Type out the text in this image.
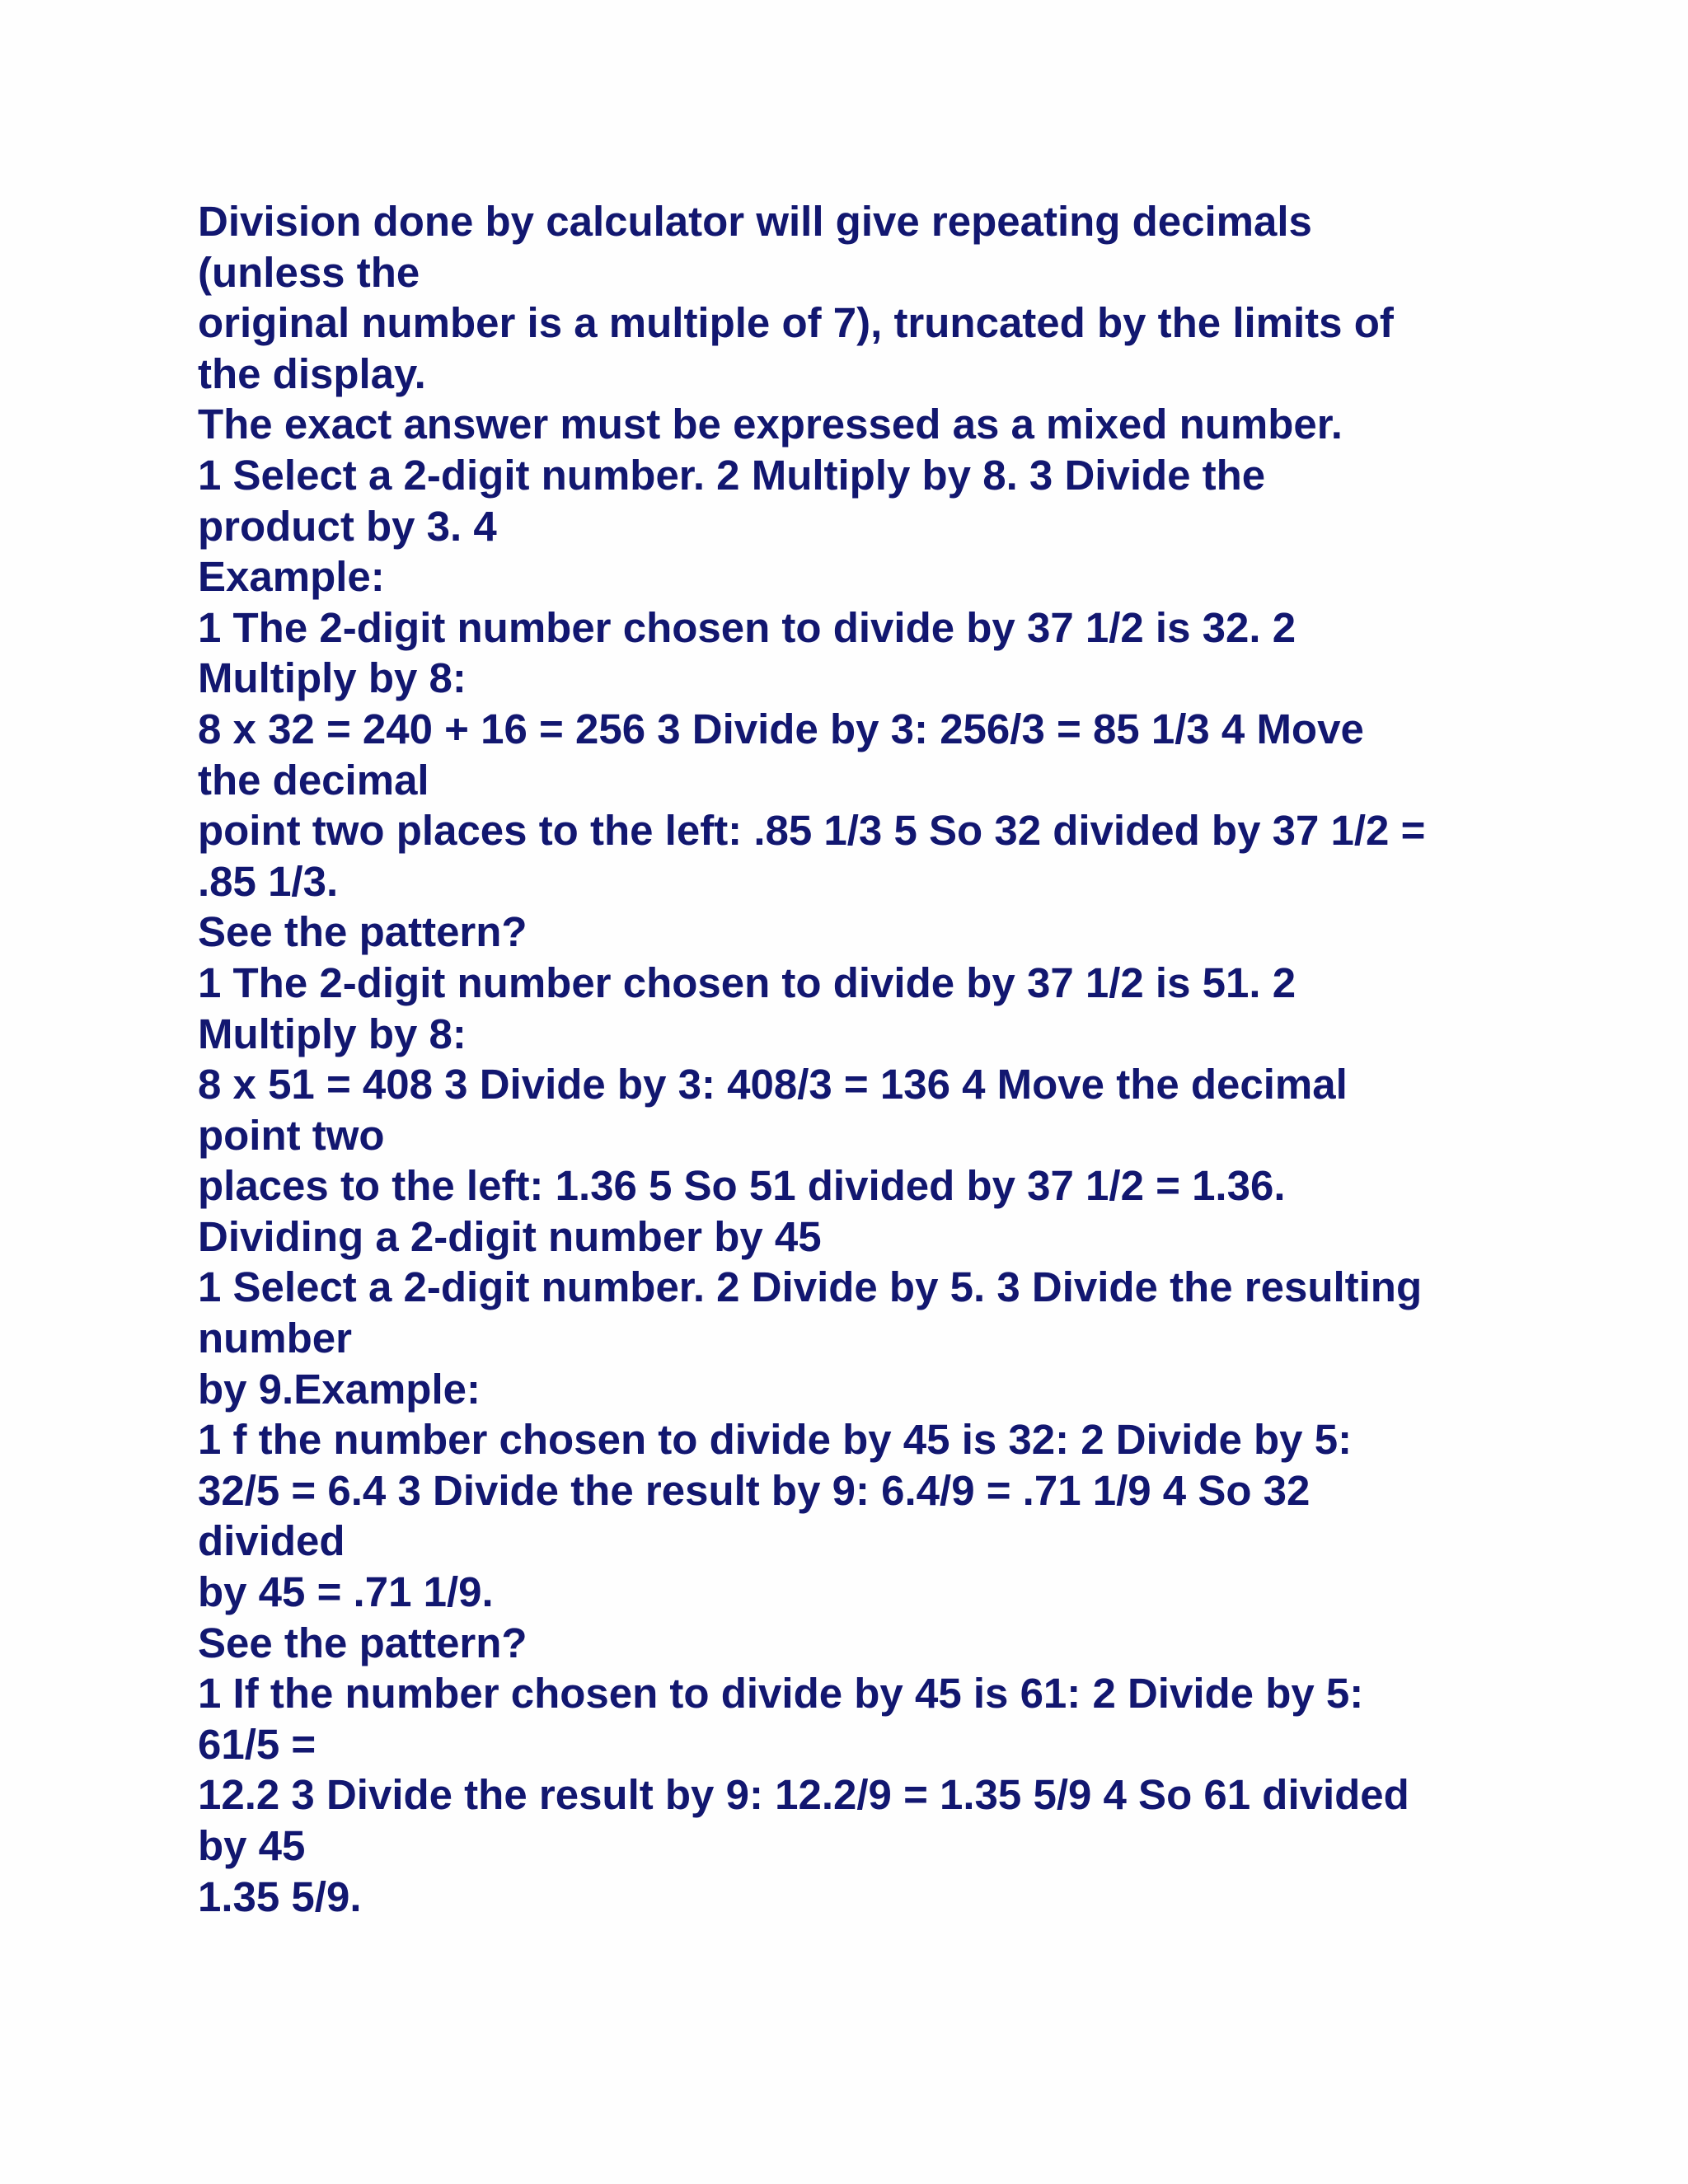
Division done by calculator will give repeating decimals
(unless the
original number is a multiple of 7), truncated by the limits of
the display.
The exact answer must be expressed as a mixed number.
1 Select a 2-digit number. 2 Multiply by 8. 3 Divide the
product by 3. 4
Example:
1 The 2-digit number chosen to divide by 37 1/2 is 32. 2
Multiply by 8:
8 x 32 = 240 + 16 = 256 3 Divide by 3: 256/3 = 85 1/3 4 Move
the decimal
point two places to the left: .85 1/3 5 So 32 divided by 37 1/2 =
.85 1/3.
See the pattern?
1 The 2-digit number chosen to divide by 37 1/2 is 51. 2
Multiply by 8:
8 x 51 = 408 3 Divide by 3: 408/3 = 136 4 Move the decimal
point two
places to the left: 1.36 5 So 51 divided by 37 1/2 = 1.36.
Dividing a 2-digit number by 45
1 Select a 2-digit number. 2 Divide by 5. 3 Divide the resulting
number
by 9.Example:
1 f the number chosen to divide by 45 is 32: 2 Divide by 5:
32/5 = 6.4 3 Divide the result by 9: 6.4/9 = .71 1/9 4 So 32
divided
by 45 = .71 1/9.
See the pattern?
1 If the number chosen to divide by 45 is 61: 2 Divide by 5:
61/5 =
12.2 3 Divide the result by 9: 12.2/9 = 1.35 5/9 4 So 61 divided
by 45
1.35 5/9.
